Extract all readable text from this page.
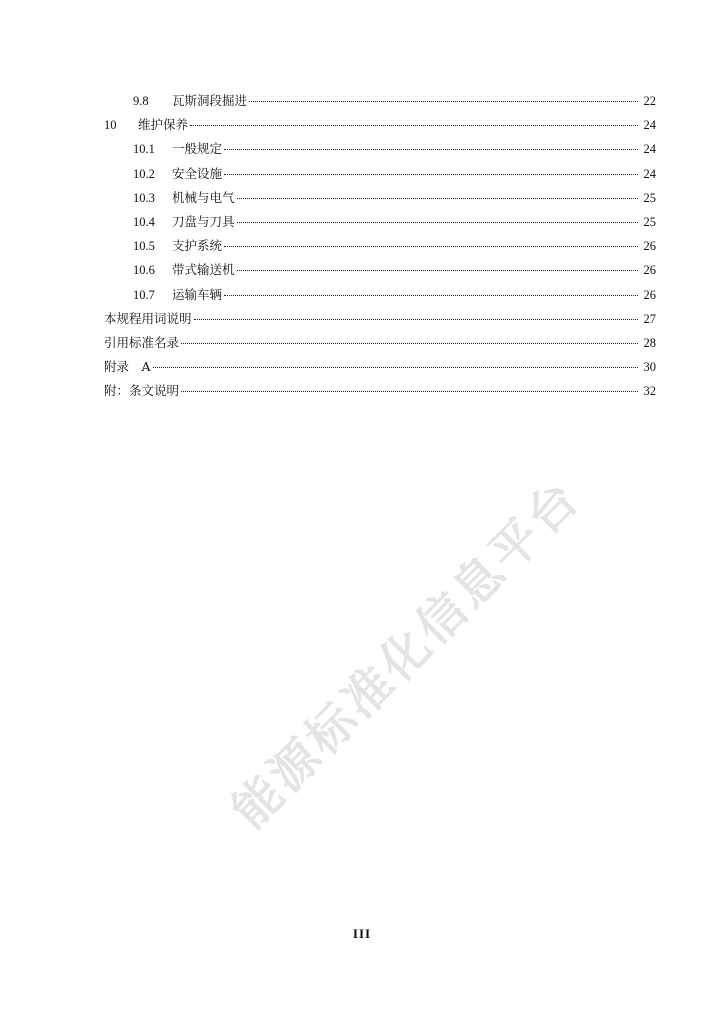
9.8	瓦斯洞段掘进	22
10	维护保养	24
10.1	一般规定	24
10.2	安全设施	24
10.3	机械与电气	25
10.4	刀盘与刀具	25
10.5	支护系统	26
10.6	带式输送机	26
10.7	运输车辆	26
本规程用词说明	27
引用标准名录	28
附录　A	30
附：条文说明	32
能源标准化信息平台
III
